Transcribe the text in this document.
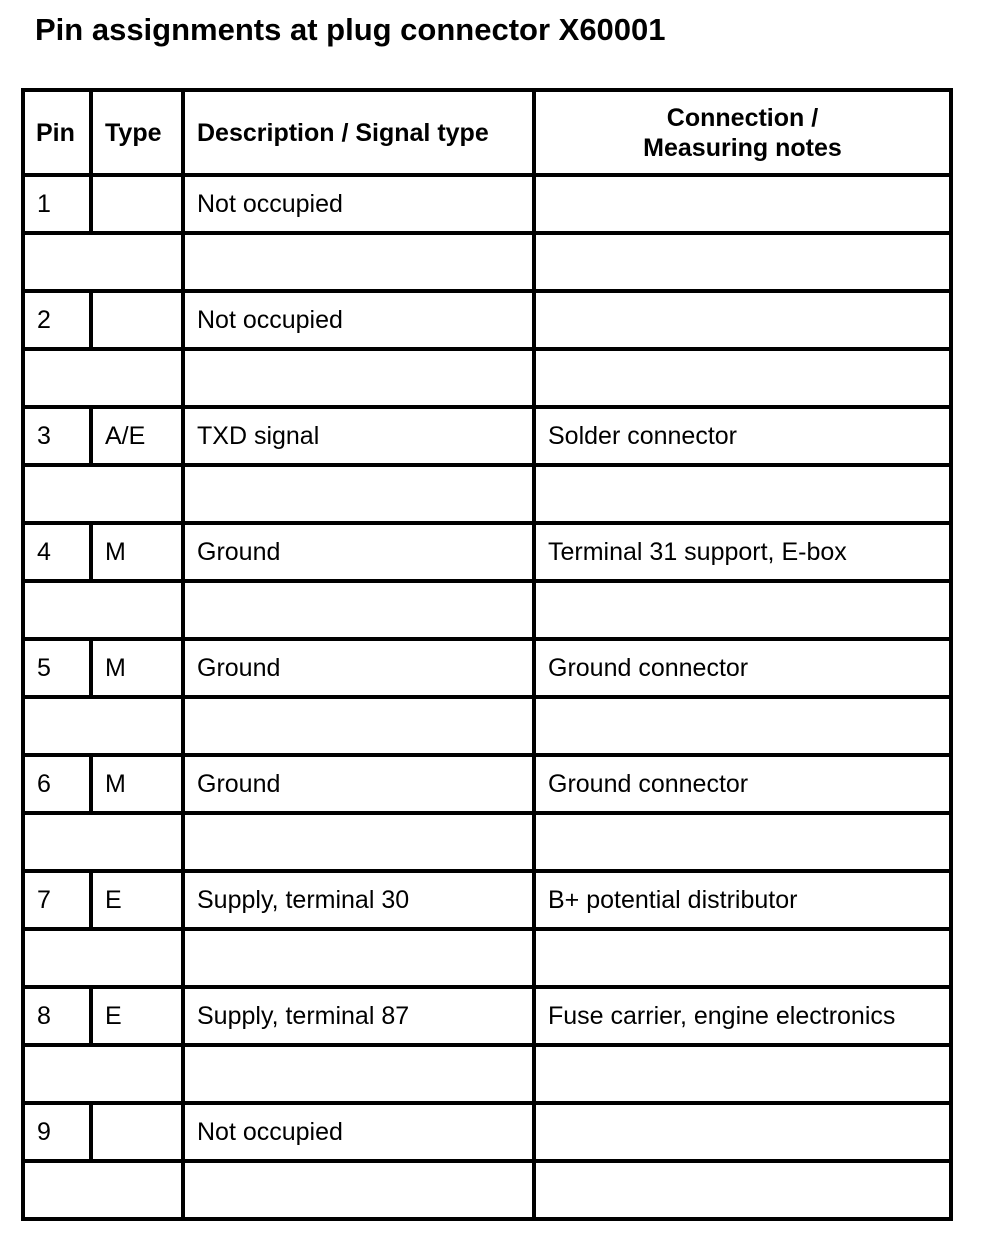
Pin assignments at plug connector X60001
Pin	Type	Description / Signal type	Connection /
Measuring notes
1		Not occupied	

2		Not occupied	

3	A/E	TXD signal	Solder connector

4	M	Ground	Terminal 31 support, E-box

5	M	Ground	Ground connector

6	M	Ground	Ground connector

7	E	Supply, terminal 30	B+ potential distributor

8	E	Supply, terminal 87	Fuse carrier, engine electronics

9		Not occupied	
